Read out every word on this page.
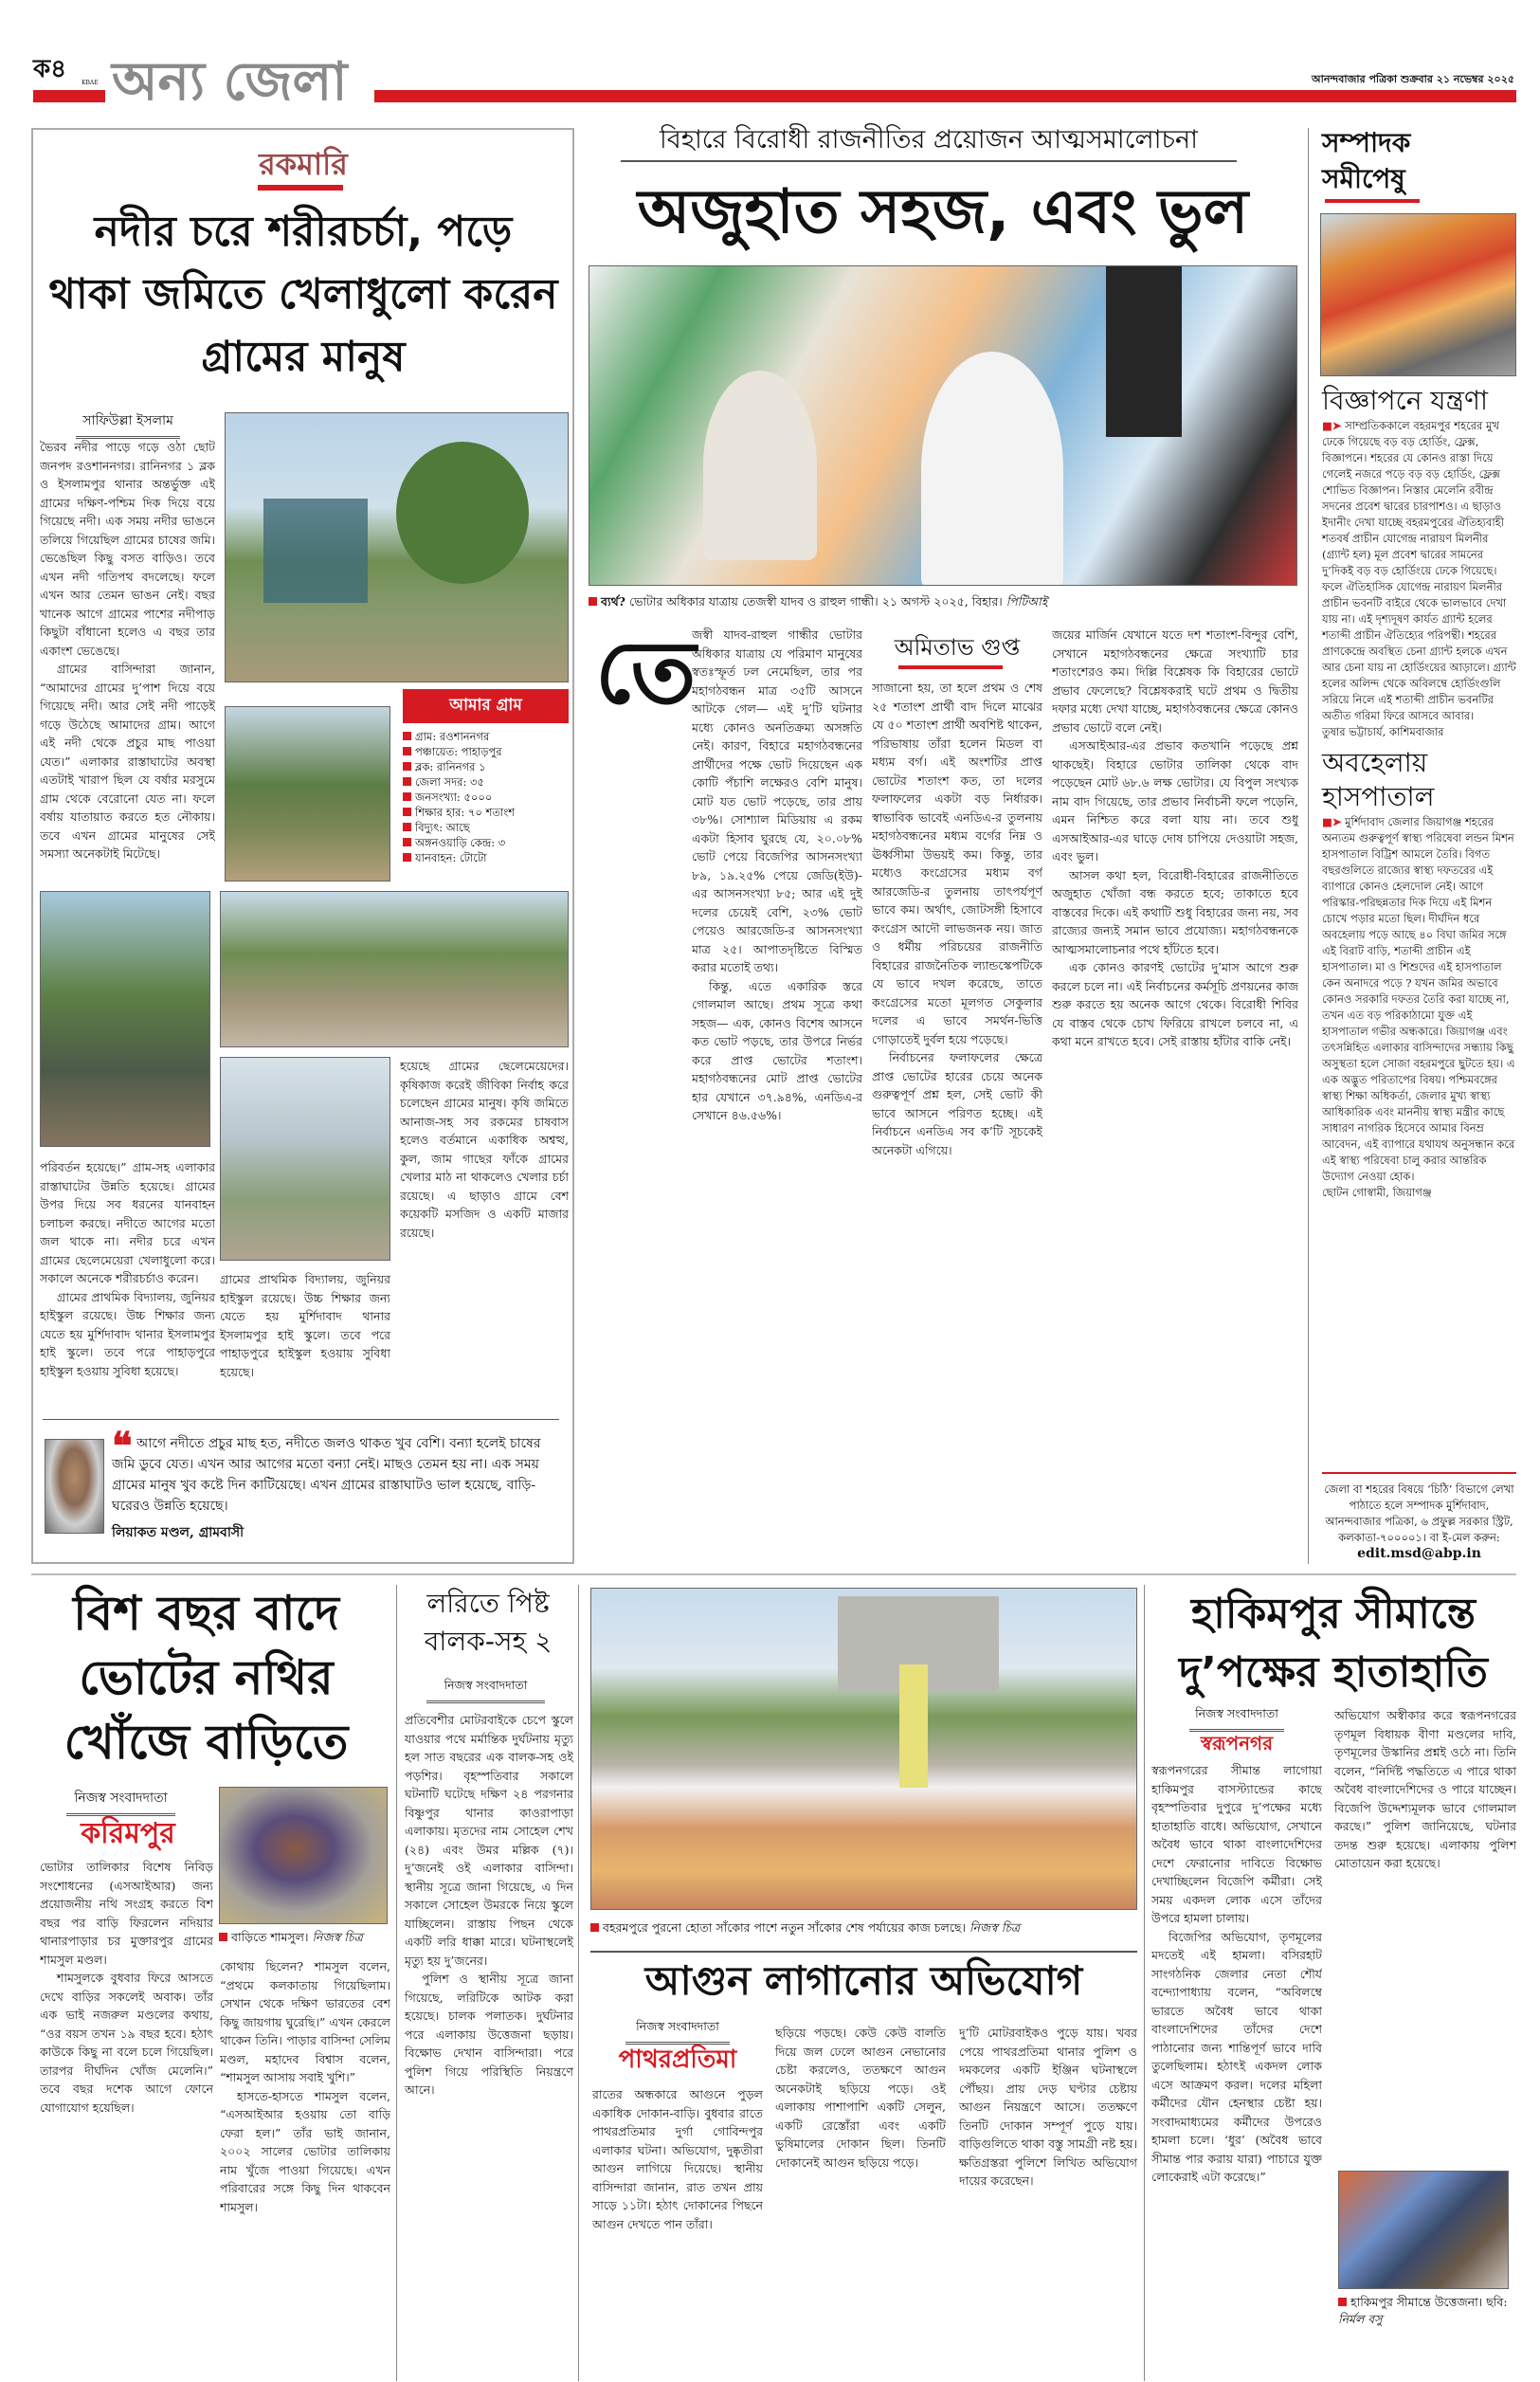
ক৪	KBAE অন্য জেলা	আনন্দবাজার পত্রিকা শুক্রবার ২১ নভেম্বর ২০২৫
রকমারি
নদীর চরে শরীরচর্চা, পড়ে থাকা জমিতে খেলাধুলো করেন গ্রামের মানুষ
সাফিউল্লা ইসলাম

ভৈরব নদীর পাড়ে গড়ে ওঠা ছোট জনপদ রওশাননগর। রানিনগর ১ ব্লক ও ইসলামপুর থানার অন্তর্ভুক্ত এই গ্রামের দক্ষিণ-পশ্চিম দিক দিয়ে বয়ে গিয়েছে নদী। এক সময় নদীর ভাঙনে তলিয়ে গিয়েছিল গ্রামের চাষের জমি। ভেঙেছিল কিছু বসত বাড়িও। তবে এখন নদী গতিপথ বদলেছে। ফলে এখন আর তেমন ভাঙন নেই। বছর খানেক আগে গ্রামের পাশের নদীপাড় কিছুটা বাঁধানো হলেও এ বছর তার একাংশ ভেঙেছে।

গ্রামের বাসিন্দারা জানান, “আমাদের গ্রামের দু’পাশ দিয়ে বয়ে গিয়েছে নদী। আর সেই নদী পাড়েই গড়ে উঠেছে আমাদের গ্রাম। আগে এই নদী থেকে প্রচুর মাছ পাওয়া যেত।” এলাকার রাস্তাঘাটের অবস্থা এতটাই খারাপ ছিল যে বর্ষার মরসুমে গ্রাম থেকে বেরোনো যেত না। ফলে বর্ষায় যাতায়াত করতে হত নৌকায়। তবে এখন গ্রামের মানুষের সেই সমস্যা অনেকটাই মিটেছে।

আমার গ্রাম
গ্রাম: রওশাননগর
পঞ্চায়েত: পাহাড়পুর
ব্লক: রানিনগর ১
জেলা সদর: ৩৫
জনসংখ্যা: ৫০০০
শিক্ষার হার: ৭০ শতাংশ
বিদ্যুৎ: আছে
অঙ্গনওয়াড়ি কেন্দ্র: ৩
যানবাহন: টোটো

পরিবর্তন হয়েছে।” গ্রাম-সহ এলাকার রাস্তাঘাটের উন্নতি হয়েছে। গ্রামের উপর দিয়ে সব ধরনের যানবাহন চলাচল করছে। নদীতে আগের মতো জল থাকে না। নদীর চরে এখন গ্রামের ছেলেমেয়েরা খেলাধুলো করে। সকালে অনেকে শরীরচর্চাও করেন।

গ্রামের প্রাথমিক বিদ্যালয়, জুনিয়র হাইস্কুল রয়েছে। উচ্চ শিক্ষার জন্য যেতে হয় মুর্শিদাবাদ থানার ইসলামপুর হাই স্কুলে। তবে পরে পাহাড়পুরে হাইস্কুল হওয়ায় সুবিধা হয়েছে।

হয়েছে গ্রামের ছেলেমেয়েদের। কৃষিকাজ করেই জীবিকা নির্বাহ করে চলেছেন গ্রামের মানুষ। কৃষি জমিতে আনাজ-সহ সব রকমের চাষবাস হলেও বর্তমানে একাধিক অশ্বত্থ, কুল, জাম গাছের ফাঁকে গ্রামের খেলার মাঠ না থাকলেও খেলার চর্চা রয়েছে। এ ছাড়াও গ্রামে বেশ কয়েকটি মসজিদ ও একটি মাজার রয়েছে।

গ্রামের প্রাথমিক বিদ্যালয়, জুনিয়র হাইস্কুল রয়েছে। উচ্চ শিক্ষার জন্য যেতে হয় মুর্শিদাবাদ থানার ইসলামপুর হাই স্কুলে। তবে পরে পাহাড়পুরে হাইস্কুল হওয়ায় সুবিধা হয়েছে।

❝ আগে নদীতে প্রচুর মাছ হত, নদীতে জলও থাকত খুব বেশি। বন্যা হলেই চাষের জমি ডুবে যেত। এখন আর আগের মতো বন্যা নেই। মাছও তেমন হয় না। এক সময় গ্রামের মানুষ খুব কষ্টে দিন কাটিয়েছে। এখন গ্রামের রাস্তাঘাটও ভাল হয়েছে, বাড়ি-ঘরেরও উন্নতি হয়েছে।
লিয়াকত মণ্ডল, গ্রামবাসী
বিহারে বিরোধী রাজনীতির প্রয়োজন আত্মসমালোচনা
অজুহাত সহজ, এবং ভুল
ব্যর্থ? ভোটার অধিকার যাত্রায় তেজস্বী যাদব ও রাহুল গান্ধী। ২১ অগস্ট ২০২৫, বিহার। পিটিআই
তে	অমিতাভ গুপ্ত

জস্বী যাদব-রাহুল গান্ধীর ভোটার অধিকার যাত্রায় যে পরিমাণ মানুষের স্বতঃস্ফূর্ত ঢল নেমেছিল, তার পর মহাগঠবন্ধন মাত্র ৩৫টি আসনে আটকে গেল— এই দু’টি ঘটনার মধ্যে কোনও অনতিক্রম্য অসঙ্গতি নেই। কারণ, বিহারে মহাগঠবন্ধনের প্রার্থীদের পক্ষে ভোট দিয়েছেন এক কোটি পঁচাশি লক্ষেরও বেশি মানুষ। মোট যত ভোট পড়েছে, তার প্রায় ৩৮%। সোশ্যাল মিডিয়ায় এ রকম একটা হিসাব ঘুরছে যে, ২০.০৮% ভোট পেয়ে বিজেপির আসনসংখ্যা ৮৯, ১৯.২৫% পেয়ে জেডি(ইউ)-এর আসনসংখ্যা ৮৫; আর এই দুই দলের চেয়েই বেশি, ২৩% ভোট পেয়েও আরজেডি-র আসনসংখ্যা মাত্র ২৫। আপাতদৃষ্টিতে বিস্মিত করার মতোই তথ্য।

কিন্তু, এতে একারিক স্তরে গোলমাল আছে। প্রথম সূত্রে কথা সহজ— এক, কোনও বিশেষ আসনে কত ভোট পড়ছে, তার উপরে নির্ভর করে প্রাপ্ত ভোটের শতাংশ। মহাগঠবন্ধনের মোট প্রাপ্ত ভোটের হার যেখানে ৩৭.৯৪%, এনডিএ-র সেখানে ৪৬.৫৬%।

সাজানো হয়, তা হলে প্রথম ও শেষ ২৫ শতাংশ প্রার্থী বাদ দিলে মাঝের যে ৫০ শতাংশ প্রার্থী অবশিষ্ট থাকেন, পরিভাষায় তাঁরা হলেন মিডল বা মধ্যম বর্গ। এই অংশটির প্রাপ্ত ভোটের শতাংশ কত, তা দলের ফলাফলের একটা বড় নির্ধারক। স্বাভাবিক ভাবেই এনডিএ-র তুলনায় মহাগঠবন্ধনের মধ্যম বর্গের নিম্ন ও ঊর্ধ্বসীমা উভয়ই কম। কিন্তু, তার মধ্যেও কংগ্রেসের মধ্যম বর্গ আরজেডি-র তুলনায় তাৎপর্যপূর্ণ ভাবে কম। অর্থাৎ, জোটসঙ্গী হিসাবে কংগ্রেস আদৌ লাভজনক নয়। জাত ও ধর্মীয় পরিচয়ের রাজনীতি বিহারের রাজনৈতিক ল্যান্ডস্কেপটিকে যে ভাবে দখল করেছে, তাতে কংগ্রেসের মতো মূলগত সেকুলার দলের এ ভাবে সমর্থন-ভিত্তি গোড়াতেই দুর্বল হয়ে পড়েছে।

নির্বাচনের ফলাফলের ক্ষেত্রে প্রাপ্ত ভোটের হারের চেয়ে অনেক গুরুত্বপূর্ণ প্রশ্ন হল, সেই ভোট কী ভাবে আসনে পরিণত হচ্ছে। এই নির্বাচনে এনডিএ সব ক’টি সূচকেই অনেকটা এগিয়ে।

জয়ের মার্জিন যেখানে যতে দশ শতাংশ-বিন্দুর বেশি, সেখানে মহাগঠবন্ধনের ক্ষেত্রে সংখ্যাটি চার শতাংশেরও কম। দিল্লি বিশ্লেষক কি বিহারের ভোটে প্রভাব ফেলেছে? বিশ্লেষকরাই ঘটে প্রথম ও দ্বিতীয় দফার মধ্যে দেখা যাচ্ছে, মহাগঠবন্ধনের ক্ষেত্রে কোনও প্রভাব ভোটে বলে নেই।

এসআইআর-এর প্রভাব কতখানি পড়েছে প্রশ্ন থাকছেই। বিহারে ভোটার তালিকা থেকে বাদ পড়েছেন মোট ৬৮.৬ লক্ষ ভোটার। যে বিপুল সংখ্যক নাম বাদ গিয়েছে, তার প্রভাব নির্বাচনী ফলে পড়েনি, এমন নিশ্চিত করে বলা যায় না। তবে শুধু এসআইআর-এর ঘাড়ে দোষ চাপিয়ে দেওয়াটা সহজ, এবং ভুল।

আসল কথা হল, বিরোধী-বিহারের রাজনীতিতে অজুহাত খোঁজা বন্ধ করতে হবে; তাকাতে হবে বাস্তবের দিকে। এই কথাটি শুধু বিহারের জন্য নয়, সব রাজ্যের জন্যই সমান ভাবে প্রযোজ্য। মহাগঠবন্ধনকে আত্মসমালোচনার পথে হাঁটতে হবে।

এক কোনও কারণই ভোটের দু’মাস আগে শুরু করলে চলে না। এই নির্বাচনের কর্মসূচি প্রণয়নের কাজ শুরু করতে হয় অনেক আগে থেকে। বিরোধী শিবির যে বাস্তব থেকে চোখ ফিরিয়ে রাখলে চলবে না, এ কথা মনে রাখতে হবে। সেই রাস্তায় হাঁটার বাকি নেই।

সম্পাদক সমীপেষু
বিজ্ঞাপনে যন্ত্রণা
■➤ সাম্প্রতিককালে বহরমপুর শহরের মুখ ঢেকে গিয়েছে বড় বড় হোর্ডিং, ফ্লেক্স, বিজ্ঞাপনে। শহরের যে কোনও রাস্তা দিয়ে গেলেই নজরে পড়ে বড় বড় হোর্ডিং, ফ্লেক্স শোভিত বিজ্ঞাপন। নিস্তার মেলেনি রবীন্দ্র সদনের প্রবেশ দ্বারের চারপাশও। এ ছাড়াও ইদানীং দেখা যাচ্ছে বহরমপুরের ঐতিহ্যবাহী শতবর্ষ প্রাচীন যোগেন্দ্র নারায়ণ মিলনীর (গ্র্যান্ট হল) মূল প্রবেশ দ্বারের সামনের দু’দিকই বড় বড় হোর্ডিংয়ে ঢেকে গিয়েছে। ফলে ঐতিহাসিক যোগেন্দ্র নারায়ণ মিলনীর প্রাচীন ভবনটি বাইরে থেকে ভালভাবে দেখা যায় না। এই দৃশ্যদূষণ কার্যত গ্র্যান্ট হলের শতাব্দী প্রাচীন ঐতিহ্যের পরিপন্থী। শহরের প্রাণকেন্দ্রে অবস্থিত চেনা গ্র্যান্ট হলকে এখন আর চেনা যায় না হোর্ডিংয়ের আড়ালে। গ্র্যান্ট হলের অলিন্দ থেকে অবিলম্বে হোর্ডিংগুলি সরিয়ে নিলে এই শতাব্দী প্রাচীন ভবনটির অতীত গরিমা ফিরে আসবে আবার।
তুষার ভট্টাচার্য, কাশিমবাজার
অবহেলায় হাসপাতাল
■➤ মুর্শিদাবাদ জেলার জিয়াগঞ্জ শহরের অন্যতম গুরুত্বপূর্ণ স্বাস্থ্য পরিষেবা লন্ডন মিশন হাসপাতাল বিট্রিশ আমলে তৈরি। বিগত বছরগুলিতে রাজ্যের স্বাস্থ্য দফতরের এই ব্যাপারে কোনও হেলদোল নেই। আগে পরিস্কার-পরিছন্নতার দিক দিয়ে এই মিশন চোখে পড়ার মতো ছিল। দীর্ঘদিন ধরে অবহেলায় পড়ে আছে ৪০ বিঘা জমির সঙ্গে এই বিরাট বাড়ি, শতাব্দী প্রাচীন এই হাসপাতাল। মা ও শিশুদের এই হাসপাতাল কেন অনাদরে পড়ে ? যখন জমির অভাবে কোনও সরকারি দফতর তৈরি করা যাচ্ছে না, তখন এত বড় পরিকাঠামো যুক্ত এই হাসপাতাল গভীর অন্ধকারে। জিয়াগঞ্জ এবং তৎসন্নিহিত এলাকার বাসিন্দাদের সন্ধ্যায় কিছু অসুস্থতা হলে সোজা বহরমপুরে ছুটতে হয়। এ এক অদ্ভুত পরিতাপের বিষয়। পশ্চিমবঙ্গের স্বাস্থ্য শিক্ষা অধিকর্তা, জেলার মুখ্য স্বাস্থ্য আধিকারিক এবং মাননীয় স্বাস্থ্য মন্ত্রীর কাছে সাধারণ নাগরিক হিসেবে আমার বিনম্র আবেদন, এই ব্যাপারে যথাযথ অনুসন্ধান করে এই স্বাস্থ্য পরিষেবা চালু করার আন্তরিক উদ্যোগ নেওয়া হোক।
ছোটন গোস্বামী, জিয়াগঞ্জ
জেলা বা শহরের বিষয়ে ‘চিঠি’ বিভাগে লেখা পাঠাতে হলে সম্পাদক মুর্শিদাবাদ, আনন্দবাজার পত্রিকা, ৬ প্রফুল্ল সরকার স্ট্রিট, কলকাতা-৭০০০০১। বা ই-মেল করুন:
edit.msd@abp.in
বিশ বছর বাদে ভোটের নথির খোঁজে বাড়িতে
নিজস্ব সংবাদদাতা
করিমপুর
বাড়িতে শামসুল। নিজস্ব চিত্র

ভোটার তালিকার বিশেষ নিবিড় সংশোধনের (এসআইআর) জন্য প্রয়োজনীয় নথি সংগ্রহ করতে বিশ বছর পর বাড়ি ফিরলেন নদিয়ার থানারপাড়ার চর মুক্তারপুর গ্রামের শামসুল মণ্ডল।

শামসুলকে বুধবার ফিরে আসতে দেখে বাড়ির সকলেই অবাক। তাঁর এক ভাই নজরুল মণ্ডলের কথায়, “ওর বয়স তখন ১৯ বছর হবে। হঠাৎ কাউকে কিছু না বলে চলে গিয়েছিল। তারপর দীর্ঘদিন খোঁজ মেলেনি।” তবে বছর দশেক আগে ফোনে যোগাযোগ হয়েছিল।

কোথায় ছিলেন? শামসুল বলেন, “প্রথমে কলকাতায় গিয়েছিলাম। সেখান থেকে দক্ষিণ ভারতের বেশ কিছু জায়গায় ঘুরেছি।” এখন কেরলে থাকেন তিনি। পাড়ার বাসিন্দা সেলিম মণ্ডল, মহাদেব বিশ্বাস বলেন, “শামসুল আসায় সবাই খুশি।”

হাসতে-হাসতে শামসুল বলেন, “এসআইআর হওয়ায় তো বাড়ি ফেরা হল।” তাঁর ভাই জানান, ২০০২ সালের ভোটার তালিকায় নাম খুঁজে পাওয়া গিয়েছে। এখন পরিবারের সঙ্গে কিছু দিন থাকবেন শামসুল।

লরিতে পিষ্ট বালক-সহ ২
নিজস্ব সংবাদদাতা

প্রতিবেশীর মোটরবাইকে চেপে স্কুলে যাওয়ার পথে মর্মান্তিক দুর্ঘটনায় মৃত্যু হল সাত বছরের এক বালক-সহ ওই পড়শির। বৃহস্পতিবার সকালে ঘটনাটি ঘটেছে দক্ষিণ ২৪ পরগনার বিষ্ণুপুর থানার কাওরাপাড়া এলাকায়। মৃতদের নাম সোহেল শেখ (২৪) এবং উমর মল্লিক (৭)। দু’জনেই ওই এলাকার বাসিন্দা। স্থানীয় সূত্রে জানা গিয়েছে, এ দিন সকালে সোহেল উমরকে নিয়ে স্কুলে যাচ্ছিলেন। রাস্তায় পিছন থেকে একটি লরি ধাক্কা মারে। ঘটনাস্থলেই মৃত্যু হয় দু’জনের।

পুলিশ ও স্থানীয় সূত্রে জানা গিয়েছে, লরিটিকে আটক করা হয়েছে। চালক পলাতক। দুর্ঘটনার পরে এলাকায় উত্তেজনা ছড়ায়। বিক্ষোভ দেখান বাসিন্দারা। পরে পুলিশ গিয়ে পরিস্থিতি নিয়ন্ত্রণে আনে।

বহরমপুরে পুরনো হোতা সাঁকোর পাশে নতুন সাঁকোর শেষ পর্যায়ের কাজ চলছে। নিজস্ব চিত্র
আগুন লাগানোর অভিযোগ
নিজস্ব সংবাদদাতা
পাথরপ্রতিমা

রাতের অন্ধকারে আগুনে পুড়ল একাধিক দোকান-বাড়ি। বুধবার রাতে পাথরপ্রতিমার দুর্গা গোবিন্দপুর এলাকার ঘটনা। অভিযোগ, দুষ্কৃতীরা আগুন লাগিয়ে দিয়েছে। স্থানীয় বাসিন্দারা জানান, রাত তখন প্রায় সাড়ে ১১টা। হঠাৎ দোকানের পিছনে আগুন দেখতে পান তাঁরা।

ছড়িয়ে পড়ছে। কেউ কেউ বালতি দিয়ে জল ঢেলে আগুন নেভানোর চেষ্টা করলেও, ততক্ষণে আগুন অনেকটাই ছড়িয়ে পড়ে। ওই এলাকায় পাশাপাশি একটি সেলুন, একটি রেস্তোঁরা এবং একটি ভুষিমালের দোকান ছিল। তিনটি দোকানেই আগুন ছড়িয়ে পড়ে।

দু’টি মোটরবাইকও পুড়ে যায়। খবর পেয়ে পাথরপ্রতিমা থানার পুলিশ ও দমকলের একটি ইঞ্জিন ঘটনাস্থলে পৌঁছয়। প্রায় দেড় ঘণ্টার চেষ্টায় আগুন নিয়ন্ত্রণে আসে। ততক্ষণে তিনটি দোকান সম্পূর্ণ পুড়ে যায়। বাড়িগুলিতে থাকা বস্তু সামগ্রী নষ্ট হয়। ক্ষতিগ্রস্তরা পুলিশে লিখিত অভিযোগ দায়ের করেছেন।

হাকিমপুর সীমান্তে দু’পক্ষের হাতাহাতি
নিজস্ব সংবাদদাতা
স্বরূপনগর

স্বরূপনগরের সীমান্ত লাগোয়া হাকিমপুর বাসস্ট্যান্ডের কাছে বৃহস্পতিবার দুপুরে দু’পক্ষের মধ্যে হাতাহাতি বাধে। অভিযোগ, সেখানে অবৈধ ভাবে থাকা বাংলাদেশিদের দেশে ফেরানোর দাবিতে বিক্ষোভ দেখাচ্ছিলেন বিজেপি কর্মীরা। সেই সময় একদল লোক এসে তাঁদের উপরে হামলা চালায়।

বিজেপির অভিযোগ, তৃণমূলের মদতেই এই হামলা। বসিরহাট সাংগঠনিক জেলার নেতা শৌর্য বন্দ্যোপাধ্যায় বলেন, “অবিলম্বে ভারতে অবৈধ ভাবে থাকা বাংলাদেশিদের তাঁদের দেশে পাঠানোর জন্য শান্তিপূর্ণ ভাবে দাবি তুলেছিলাম। হঠাৎই একদল লোক এসে আক্রমণ করল। দলের মহিলা কর্মীদের যৌন হেনস্থার চেষ্টা হয়। সংবাদমাধ্যমের কর্মীদের উপরেও হামলা চলে। ‘ধুর’ (অবৈধ ভাবে সীমান্ত পার করায় যারা) পাচারে যুক্ত লোকেরাই এটা করেছে।”

অভিযোগ অস্বীকার করে স্বরূপনগরের তৃণমূল বিধায়ক বীণা মণ্ডলের দাবি, তৃণমূলের উস্কানির প্রশ্নই ওঠে না। তিনি বলেন, “নির্দিষ্ট পদ্ধতিতে এ পারে থাকা অবৈধ বাংলাদেশিদের ও পারে যাচ্ছেন। বিজেপি উদ্দেশ্যমূলক ভাবে গোলমাল করছে।” পুলিশ জানিয়েছে, ঘটনার তদন্ত শুরু হয়েছে। এলাকায় পুলিশ মোতায়েন করা হয়েছে।

হাকিমপুর সীমান্তে উত্তেজনা। ছবি: নির্মল বসু
